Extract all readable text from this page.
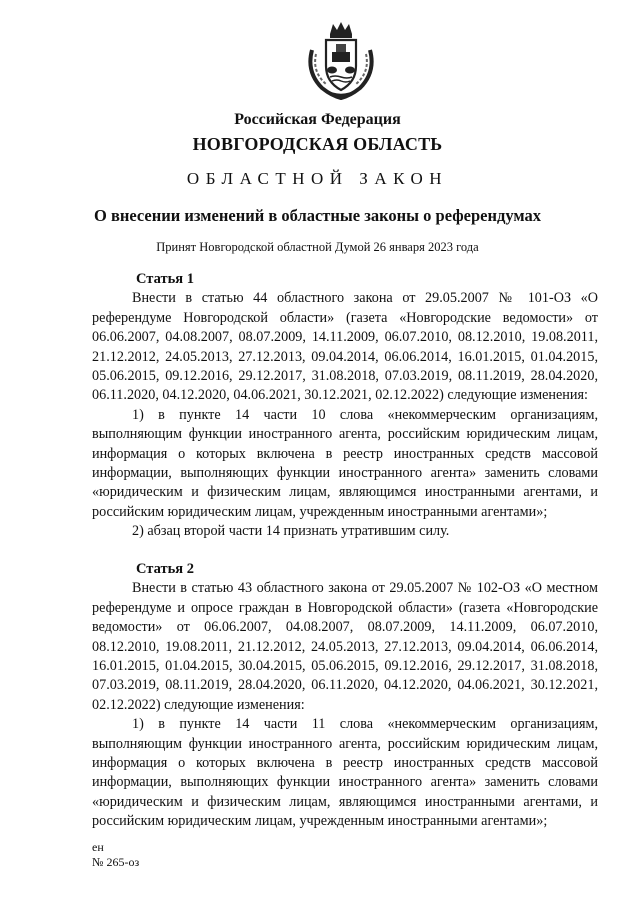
Российская Федерация
НОВГОРОДСКАЯ ОБЛАСТЬ
ОБЛАСТНОЙ ЗАКОН
О внесении изменений в областные законы о референдумах
Принят Новгородской областной Думой 26 января 2023 года

Статья 1

Внести в статью 44 областного закона от 29.05.2007 № 101-ОЗ «О референдуме Новгородской области» (газета «Новгородские ведомости» от 06.06.2007, 04.08.2007, 08.07.2009, 14.11.2009, 06.07.2010, 08.12.2010, 19.08.2011, 21.12.2012, 24.05.2013, 27.12.2013, 09.04.2014, 06.06.2014, 16.01.2015, 01.04.2015, 05.06.2015, 09.12.2016, 29.12.2017, 31.08.2018, 07.03.2019, 08.11.2019, 28.04.2020, 06.11.2020, 04.12.2020, 04.06.2021, 30.12.2021, 02.12.2022) следующие изменения:

1) в пункте 14 части 10 слова «некоммерческим организациям, выполняющим функции иностранного агента, российским юридическим лицам, информация о которых включена в реестр иностранных средств массовой информации, выполняющих функции иностранного агента» заменить словами «юридическим и физическим лицам, являющимся иностранными агентами, и российским юридическим лицам, учрежденным иностранными агентами»;

2) абзац второй части 14 признать утратившим силу.

Статья 2

Внести в статью 43 областного закона от 29.05.2007 № 102-ОЗ «О местном референдуме и опросе граждан в Новгородской области» (газета «Новгородские ведомости» от 06.06.2007, 04.08.2007, 08.07.2009, 14.11.2009, 06.07.2010, 08.12.2010, 19.08.2011, 21.12.2012, 24.05.2013, 27.12.2013, 09.04.2014, 06.06.2014, 16.01.2015, 01.04.2015, 30.04.2015, 05.06.2015, 09.12.2016, 29.12.2017, 31.08.2018, 07.03.2019, 08.11.2019, 28.04.2020, 06.11.2020, 04.12.2020, 04.06.2021, 30.12.2021, 02.12.2022) следующие изменения:

1) в пункте 14 части 11 слова «некоммерческим организациям, выполняющим функции иностранного агента, российским юридическим лицам, информация о которых включена в реестр иностранных средств массовой информации, выполняющих функции иностранного агента» заменить словами «юридическим и физическим лицам, являющимся иностранными агентами, и российским юридическим лицам, учрежденным иностранными агентами»;

ен
№ 265-оз
